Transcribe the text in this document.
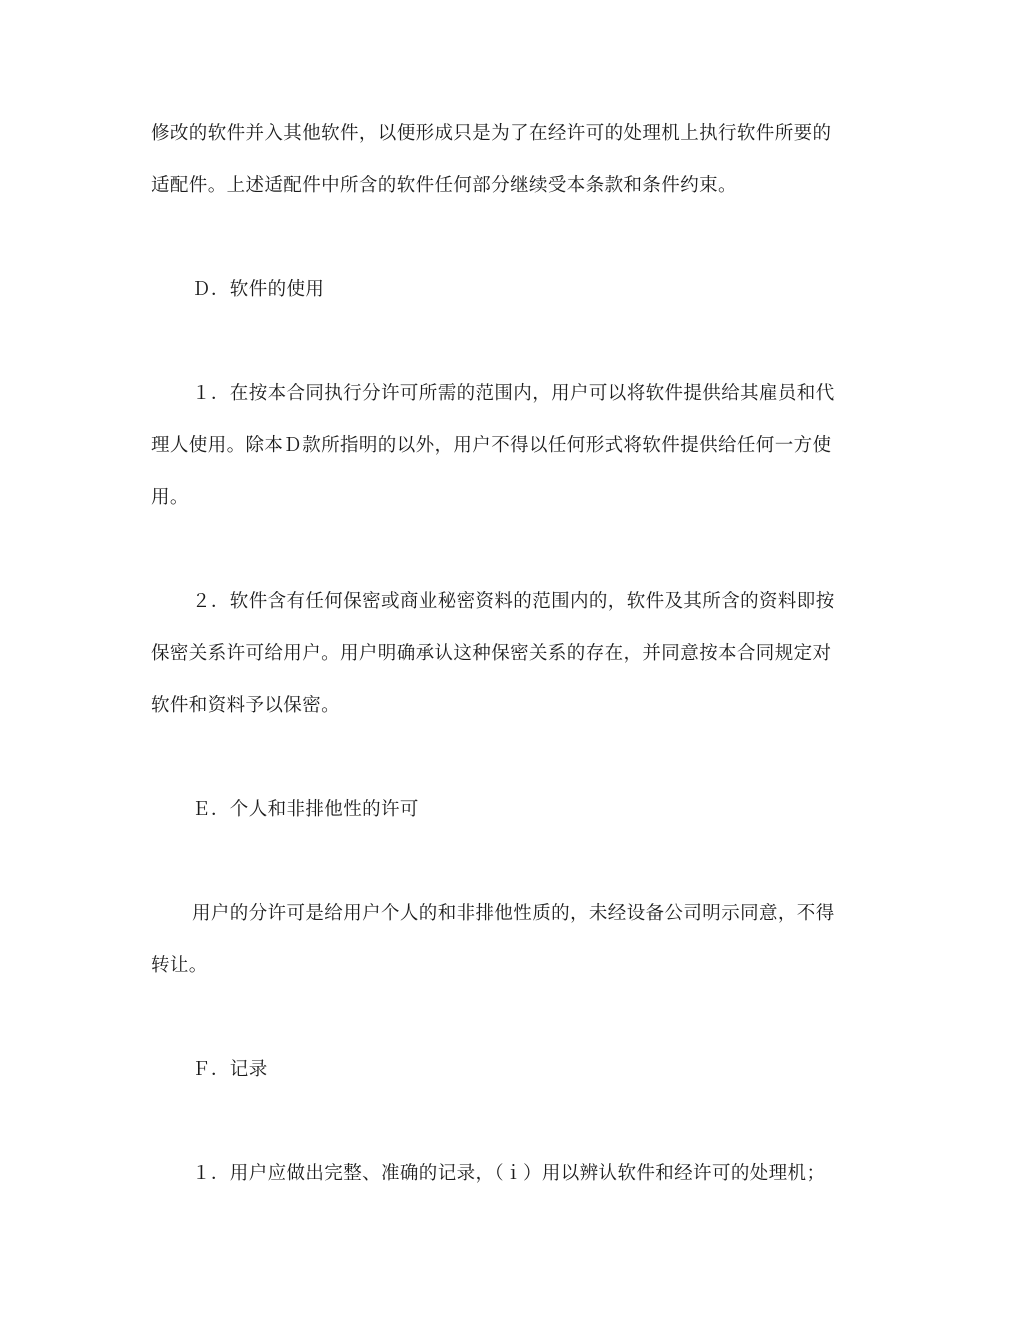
修改的软件并入其他软件，以便形成只是为了在经许可的处理机上执行软件所要的
适配件。上述适配件中所含的软件任何部分继续受本条款和条件约束。
Ｄ．软件的使用
１．在按本合同执行分许可所需的范围内，用户可以将软件提供给其雇员和代
理人使用。除本Ｄ款所指明的以外，用户不得以任何形式将软件提供给任何一方使
用。
２．软件含有任何保密或商业秘密资料的范围内的，软件及其所含的资料即按
保密关系许可给用户。用户明确承认这种保密关系的存在，并同意按本合同规定对
软件和资料予以保密。
Ｅ．个人和非排他性的许可
用户的分许可是给用户个人的和非排他性质的，未经设备公司明示同意，不得
转让。
Ｆ．记录
１．用户应做出完整、准确的记录，（ｉ）用以辨认软件和经许可的处理机；
